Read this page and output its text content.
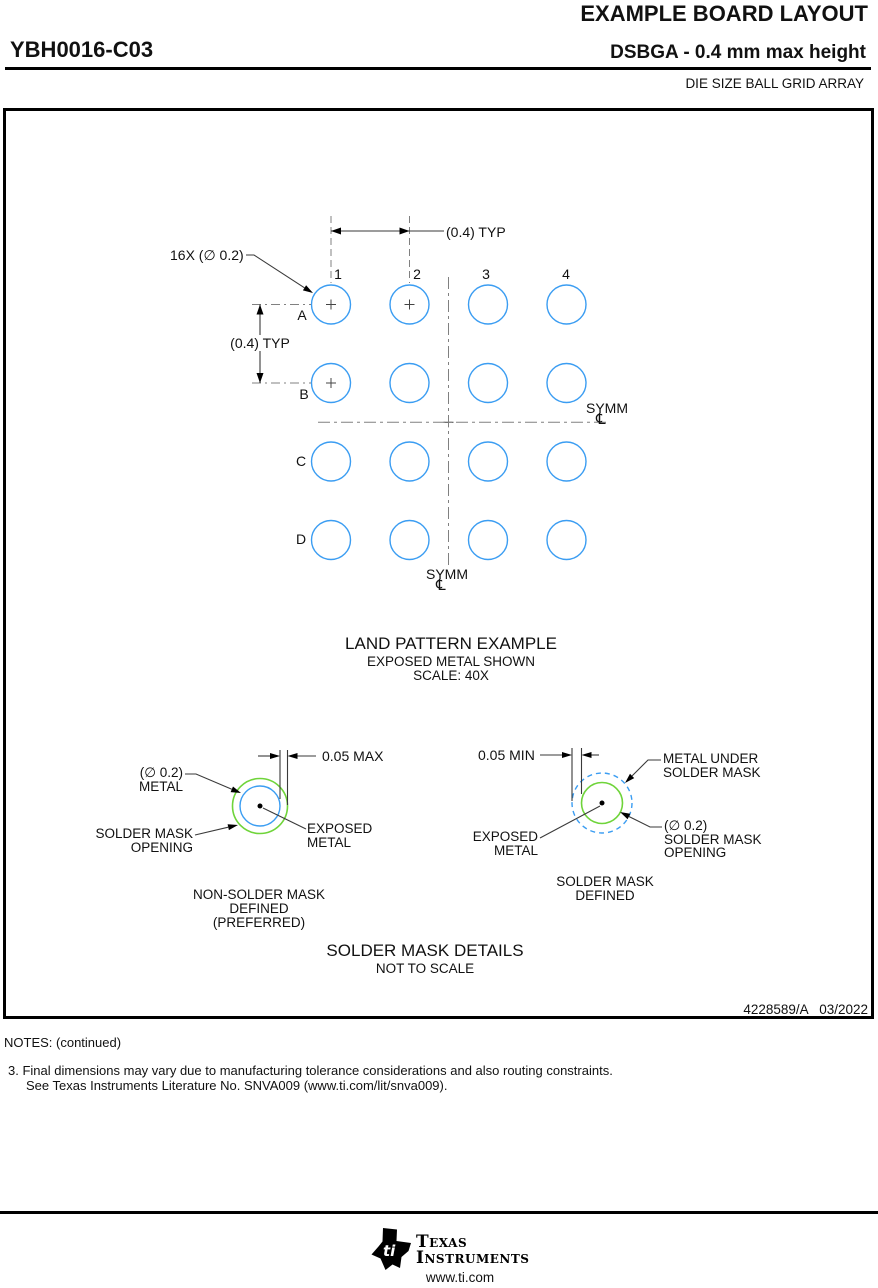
EXAMPLE BOARD LAYOUT
YBH0016-C03	DSBGA - 0.4 mm max height
DIE SIZE BALL GRID ARRAY
(0.4) TYP
16X (∅ 0.2)
1	2	3	4
A
B
C
D
(0.4) TYP
SYMM
℄
SYMM
℄
LAND PATTERN EXAMPLE
EXPOSED METAL SHOWN
SCALE: 40X
0.05 MAX
(∅ 0.2)
METAL
SOLDER MASK
OPENING
EXPOSED
METAL
NON-SOLDER MASK
DEFINED
(PREFERRED)
0.05 MIN	METAL UNDER
SOLDER MASK
(∅ 0.2)
SOLDER MASK
OPENING
EXPOSED
METAL
SOLDER MASK
DEFINED
SOLDER MASK DETAILS
NOT TO SCALE
4228589/A   03/2022
NOTES: (continued)
3. Final dimensions may vary due to manufacturing tolerance considerations and also routing constraints.
See Texas Instruments Literature No. SNVA009 (www.ti.com/lit/snva009).
ti Texas
Instruments
www.ti.com
